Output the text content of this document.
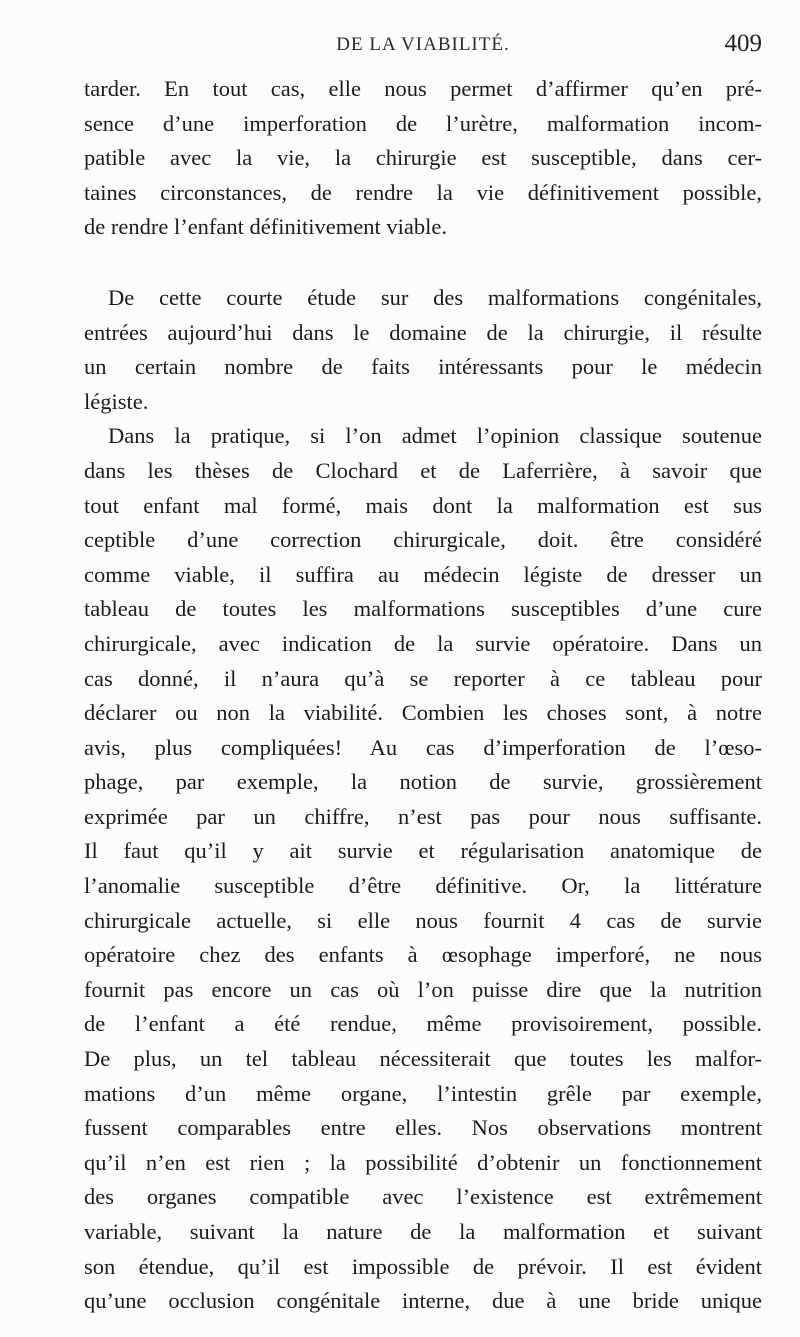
DE LA VIABILITÉ.	409
tarder. En tout cas, elle nous permet d’affirmer qu’en pré-
sence d’une imperforation de l’urètre, malformation incom-
patible avec la vie, la chirurgie est susceptible, dans cer-
taines circonstances, de rendre la vie définitivement possible,
de rendre l’enfant définitivement viable.
De cette courte étude sur des malformations congénitales,
entrées aujourd’hui dans le domaine de la chirurgie, il résulte
un certain nombre de faits intéressants pour le médecin
légiste.
Dans la pratique, si l’on admet l’opinion classique soutenue
dans les thèses de Clochard et de Laferrière, à savoir que
tout enfant mal formé, mais dont la malformation est sus
ceptible d’une correction chirurgicale, doit. être considéré
comme viable, il suffira au médecin légiste de dresser un
tableau de toutes les malformations susceptibles d’une cure
chirurgicale, avec indication de la survie opératoire. Dans un
cas donné, il n’aura qu’à se reporter à ce tableau pour
déclarer ou non la viabilité. Combien les choses sont, à notre
avis, plus compliquées! Au cas d’imperforation de l’œso-
phage, par exemple, la notion de survie, grossièrement
exprimée par un chiffre, n’est pas pour nous suffisante.
Il faut qu’il y ait survie et régularisation anatomique de
l’anomalie susceptible d’être définitive. Or, la littérature
chirurgicale actuelle, si elle nous fournit 4 cas de survie
opératoire chez des enfants à œsophage imperforé, ne nous
fournit pas encore un cas où l’on puisse dire que la nutrition
de l’enfant a été rendue, même provisoirement, possible.
De plus, un tel tableau nécessiterait que toutes les malfor-
mations d’un même organe, l’intestin grêle par exemple,
fussent comparables entre elles. Nos observations montrent
qu’il n’en est rien ; la possibilité d’obtenir un fonctionnement
des organes compatible avec l’existence est extrêmement
variable, suivant la nature de la malformation et suivant
son étendue, qu’il est impossible de prévoir. Il est évident
qu’une occlusion congénitale interne, due à une bride unique
